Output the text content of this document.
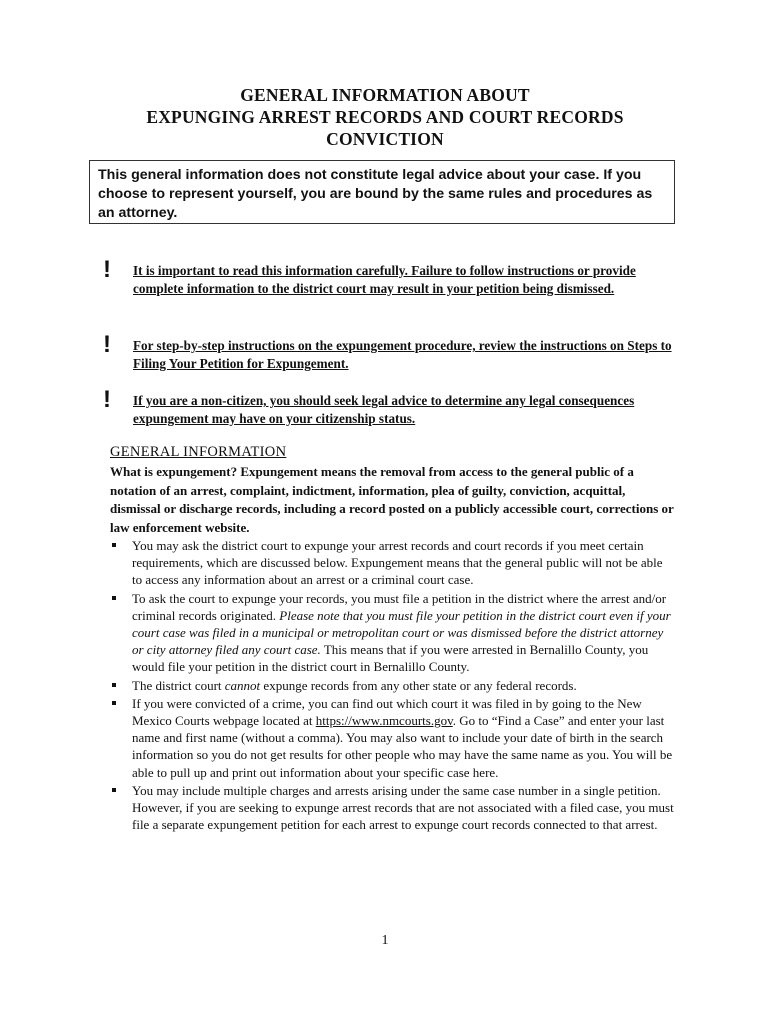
GENERAL INFORMATION ABOUT
EXPUNGING ARREST RECORDS AND COURT RECORDS
CONVICTION
This general information does not constitute legal advice about your case. If you choose to represent yourself, you are bound by the same rules and procedures as an attorney.
! It is important to read this information carefully. Failure to follow instructions or provide complete information to the district court may result in your petition being dismissed.
! For step-by-step instructions on the expungement procedure, review the instructions on Steps to Filing Your Petition for Expungement.
! If you are a non-citizen, you should seek legal advice to determine any legal consequences expungement may have on your citizenship status.
GENERAL INFORMATION
What is expungement? Expungement means the removal from access to the general public of a notation of an arrest, complaint, indictment, information, plea of guilty, conviction, acquittal, dismissal or discharge records, including a record posted on a publicly accessible court, corrections or law enforcement website.
You may ask the district court to expunge your arrest records and court records if you meet certain requirements, which are discussed below. Expungement means that the general public will not be able to access any information about an arrest or a criminal court case.
To ask the court to expunge your records, you must file a petition in the district where the arrest and/or criminal records originated. Please note that you must file your petition in the district court even if your court case was filed in a municipal or metropolitan court or was dismissed before the district attorney or city attorney filed any court case. This means that if you were arrested in Bernalillo County, you would file your petition in the district court in Bernalillo County.
The district court cannot expunge records from any other state or any federal records.
If you were convicted of a crime, you can find out which court it was filed in by going to the New Mexico Courts webpage located at https://www.nmcourts.gov. Go to “Find a Case” and enter your last name and first name (without a comma). You may also want to include your date of birth in the search information so you do not get results for other people who may have the same name as you. You will be able to pull up and print out information about your specific case here.
You may include multiple charges and arrests arising under the same case number in a single petition. However, if you are seeking to expunge arrest records that are not associated with a filed case, you must file a separate expungement petition for each arrest to expunge court records connected to that arrest.
1
